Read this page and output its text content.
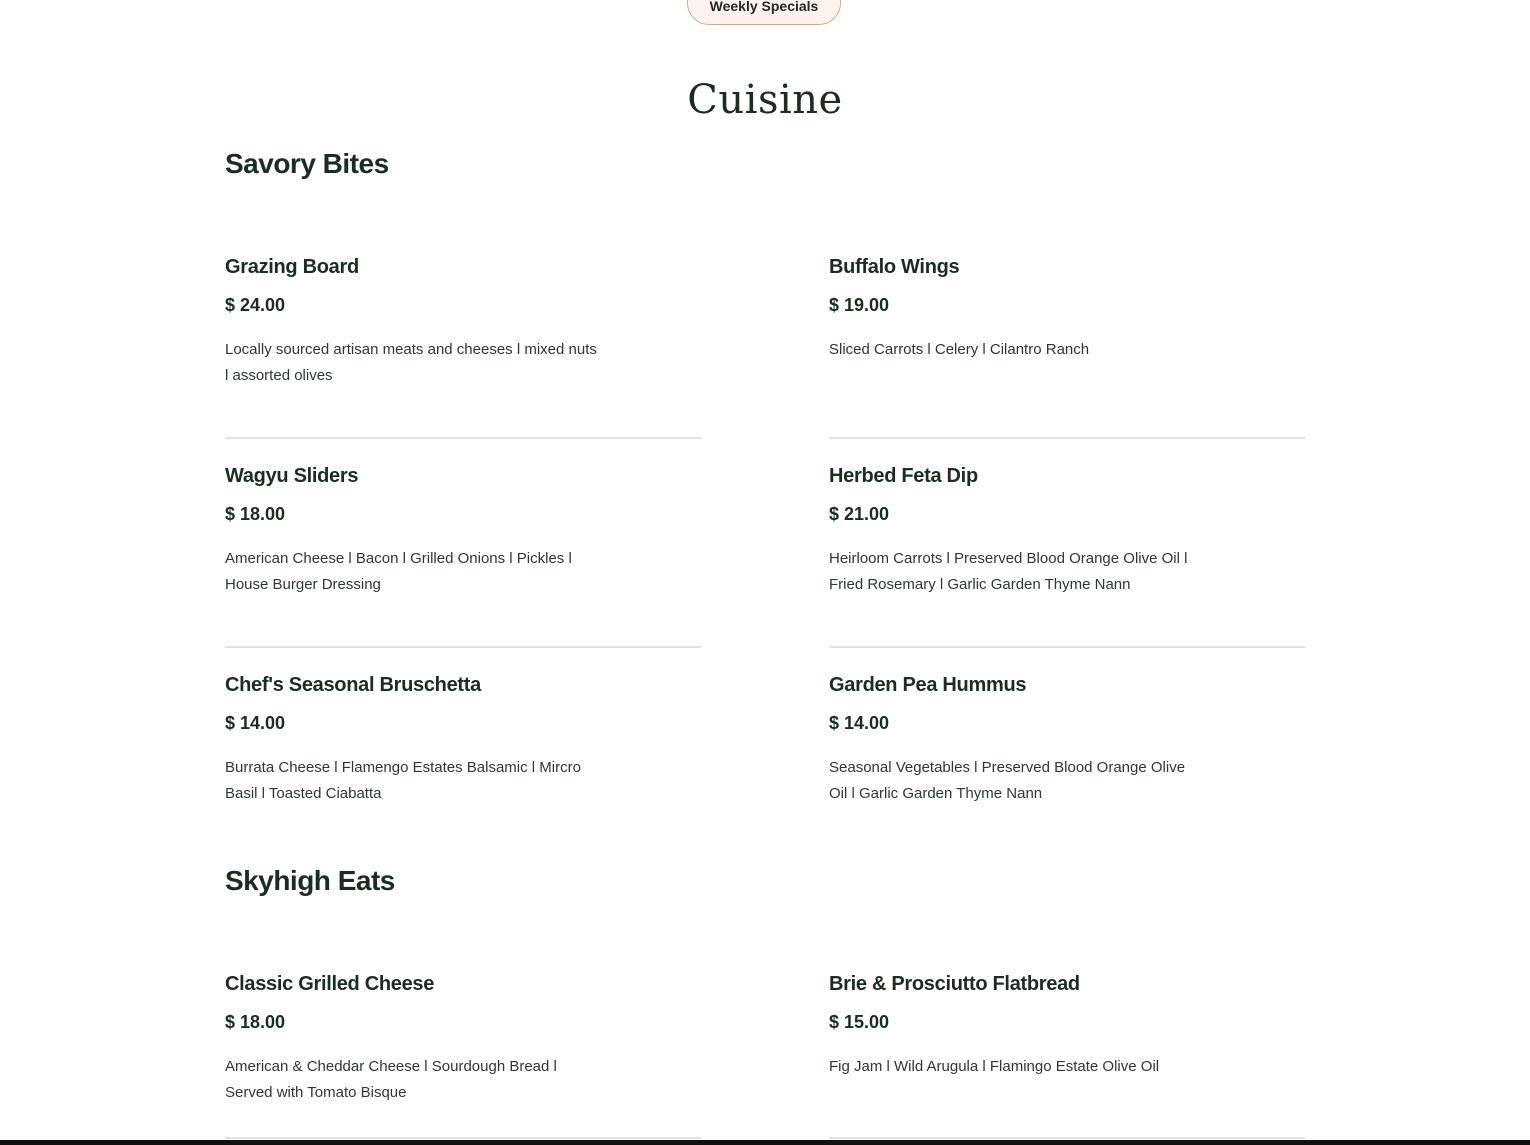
Weekly Specials
Cuisine
Savory Bites
Grazing Board
$ 24.00
Locally sourced artisan meats and cheeses l mixed nuts l assorted olives
Buffalo Wings
$ 19.00
Sliced Carrots l Celery l Cilantro Ranch
Wagyu Sliders
$ 18.00
American Cheese l Bacon l Grilled Onions l Pickles l House Burger Dressing
Herbed Feta Dip
$ 21.00
Heirloom Carrots l Preserved Blood Orange Olive Oil l Fried Rosemary l Garlic Garden Thyme Nann
Chef's Seasonal Bruschetta
$ 14.00
Burrata Cheese l Flamengo Estates Balsamic l Mircro Basil l Toasted Ciabatta
Garden Pea Hummus
$ 14.00
Seasonal Vegetables l Preserved Blood Orange Olive Oil l Garlic Garden Thyme Nann
Skyhigh Eats
Classic Grilled Cheese
$ 18.00
American & Cheddar Cheese l Sourdough Bread l Served with Tomato Bisque
Brie & Prosciutto Flatbread
$ 15.00
Fig Jam l Wild Arugula l Flamingo Estate Olive Oil
